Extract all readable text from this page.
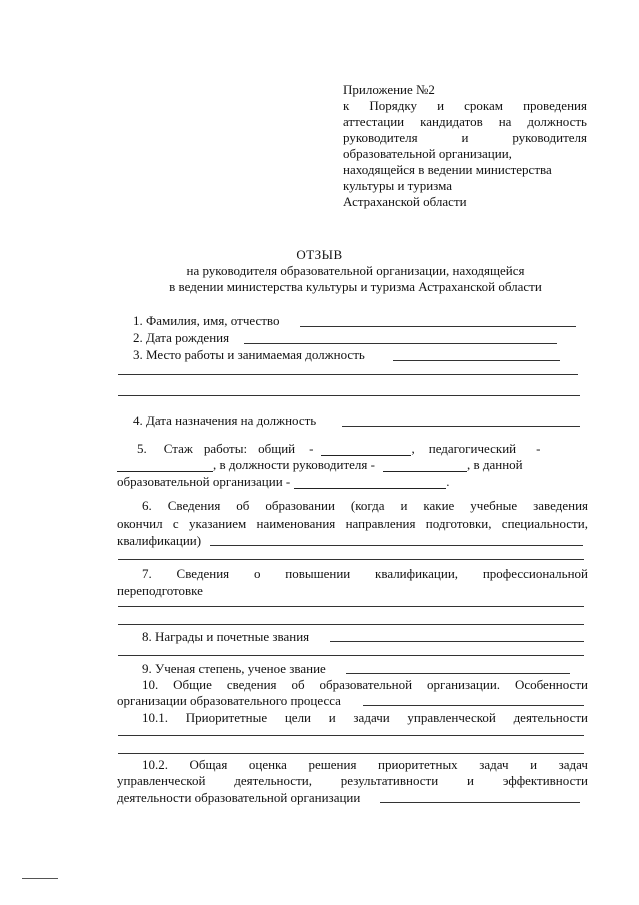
Приложение №2
к Порядку и срокам проведения
аттестации кандидатов на должность
руководителя	и	руководителя
образовательной организации,
находящейся в ведении министерства
культуры и туризма
Астраханской области
ОТЗЫВ
на руководителя образовательной организации, находящейся
в ведении министерства культуры и туризма Астраханской области
1. Фамилия, имя, отчество
2. Дата рождения
3. Место работы и занимаемая должность
4. Дата назначения на должность
5. Стаж работы: общий -	, педагогический -
, в должности руководителя -	, в данной
образовательной организации -	.
6. Сведения об образовании (когда и какие учебные заведения
окончил с указанием наименования направления подготовки, специальности,
квалификации)
7. Сведения о повышении квалификации, профессиональной
переподготовке
8. Награды и почетные звания
9. Ученая степень, ученое звание
10. Общие сведения об образовательной организации. Особенности
организации образовательного процесса
10.1. Приоритетные цели и задачи управленческой деятельности
10.2. Общая оценка решения приоритетных задач и задач
управленческой деятельности, результативности и эффективности
деятельности образовательной организации
